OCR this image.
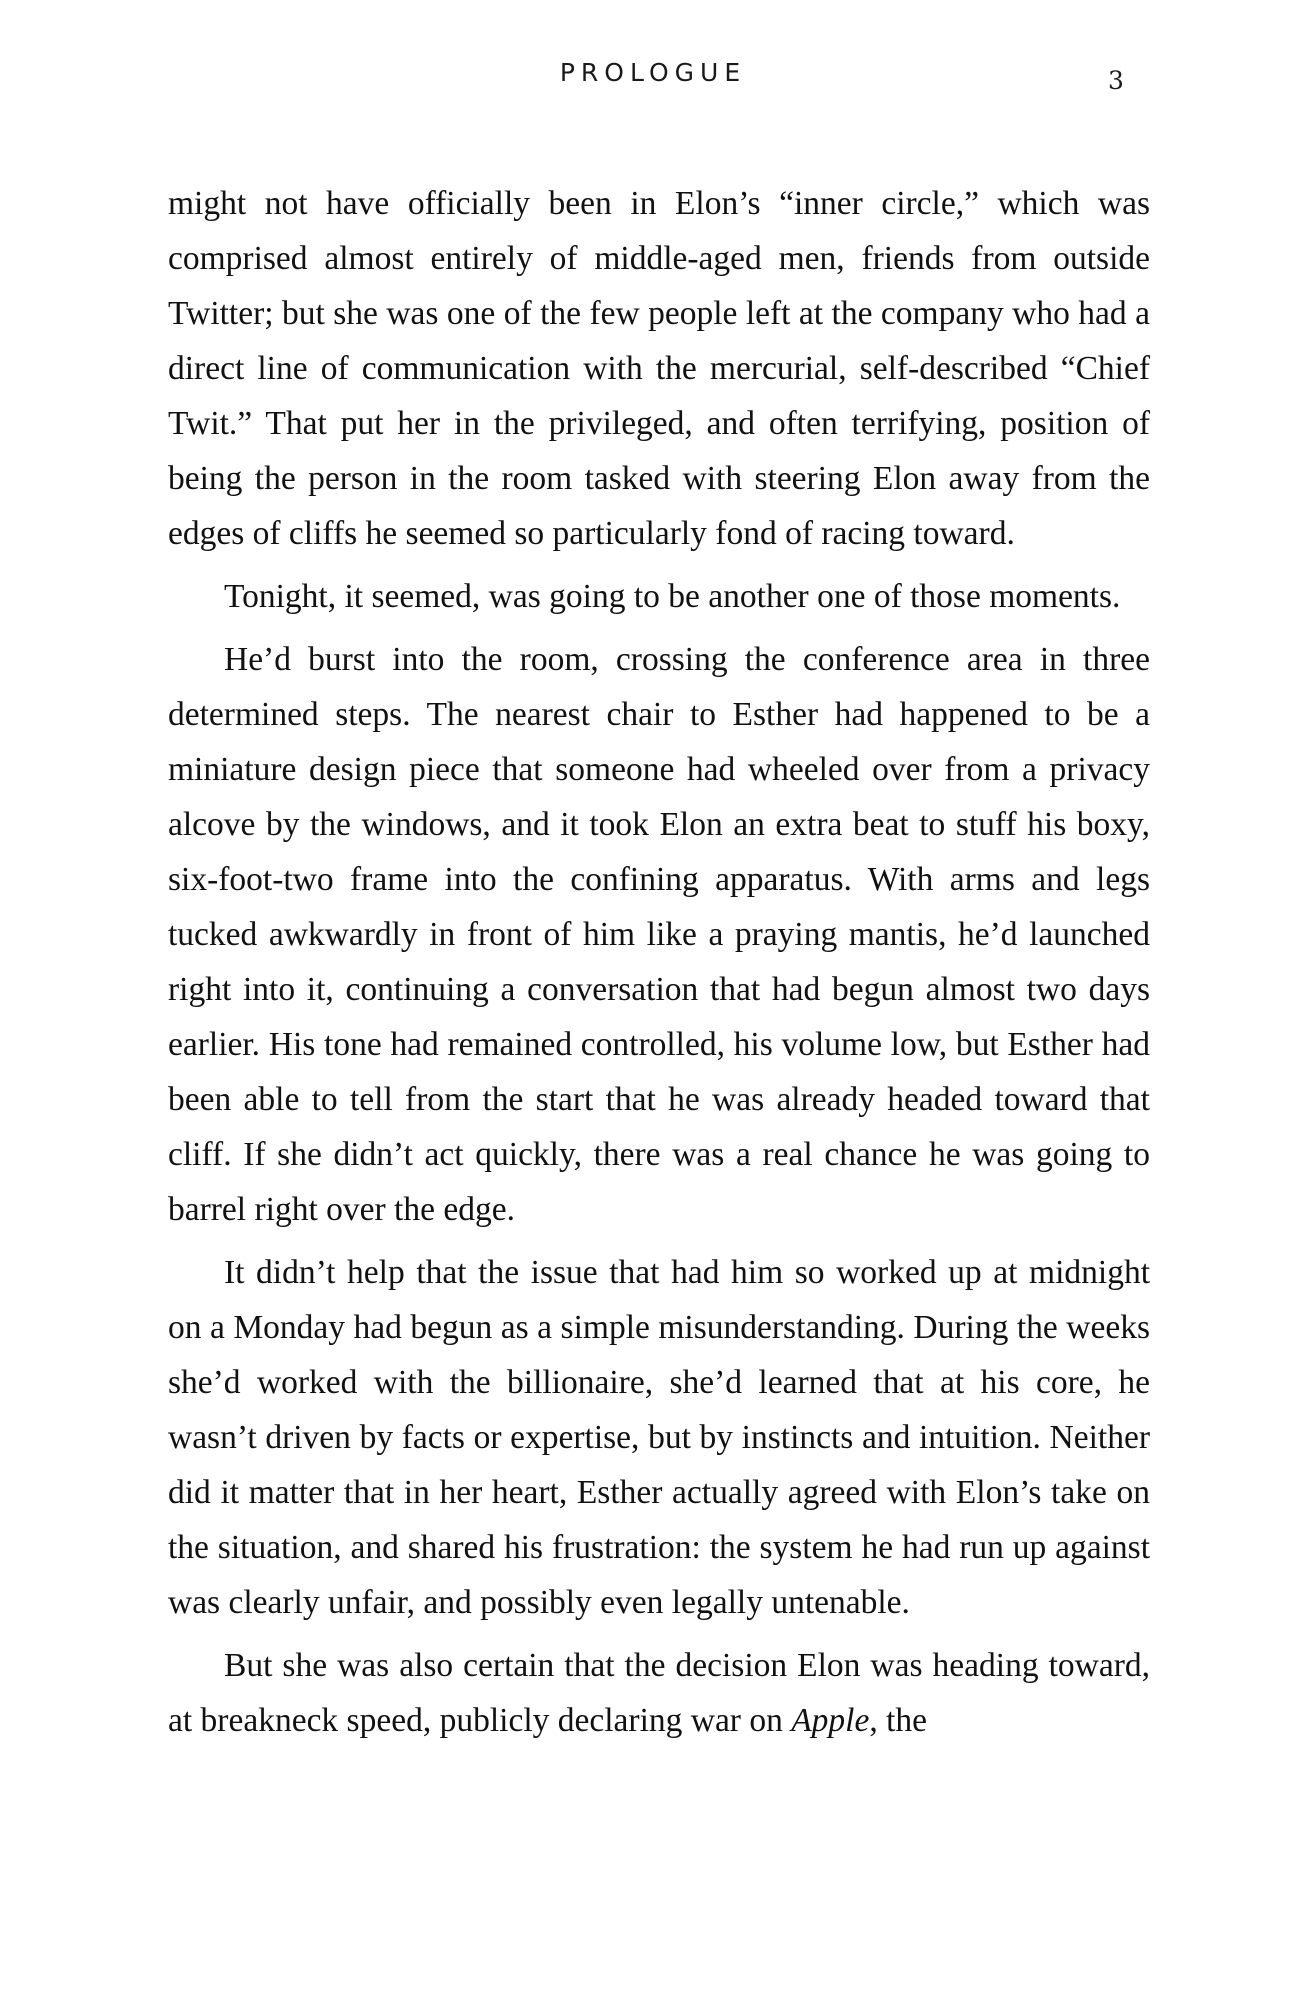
PROLOGUE	3

might not have officially been in Elon’s “inner circle,” which was comprised almost entirely of middle-aged men, friends from outside Twitter; but she was one of the few people left at the company who had a direct line of communication with the mercurial, self-described “Chief Twit.” That put her in the privileged, and often terrifying, position of being the person in the room tasked with steering Elon away from the edges of cliffs he seemed so particularly fond of racing toward.

Tonight, it seemed, was going to be another one of those moments.

He’d burst into the room, crossing the conference area in three determined steps. The nearest chair to Esther had happened to be a miniature design piece that someone had wheeled over from a privacy alcove by the windows, and it took Elon an extra beat to stuff his boxy, six-foot-two frame into the confining apparatus. With arms and legs tucked awkwardly in front of him like a praying mantis, he’d launched right into it, continuing a conversation that had begun almost two days earlier. His tone had remained controlled, his volume low, but Esther had been able to tell from the start that he was already headed toward that cliff. If she didn’t act quickly, there was a real chance he was going to barrel right over the edge.

It didn’t help that the issue that had him so worked up at midnight on a Monday had begun as a simple misunderstanding. During the weeks she’d worked with the billionaire, she’d learned that at his core, he wasn’t driven by facts or expertise, but by instincts and intuition. Neither did it matter that in her heart, Esther actually agreed with Elon’s take on the situation, and shared his frustration: the system he had run up against was clearly unfair, and possibly even legally untenable.

But she was also certain that the decision Elon was heading toward, at breakneck speed, publicly declaring war on Apple, the
